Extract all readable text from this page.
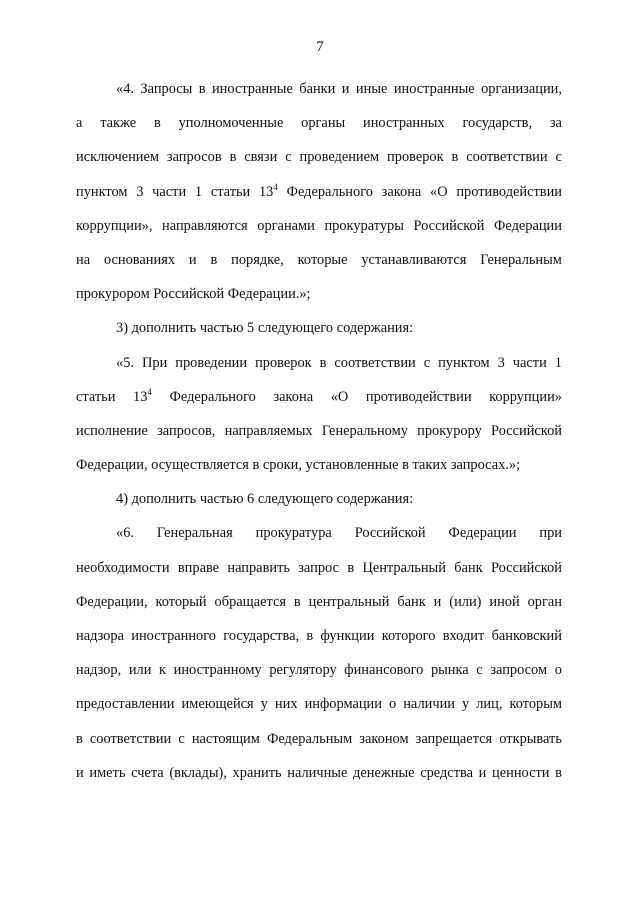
7
«4. Запросы в иностранные банки и иные иностранные организации,
а также в уполномоченные органы иностранных государств, за
исключением запросов в связи с проведением проверок в соответствии с
пунктом 3 части 1 статьи $13^4$ Федерального закона «О противодействии
коррупции», направляются органами прокуратуры Российской Федерации
на основаниях и в порядке, которые устанавливаются Генеральным
прокурором Российской Федерации.»;
3) дополнить частью 5 следующего содержания:
«5. При проведении проверок в соответствии с пунктом 3 части 1
статьи $13^4$ Федерального закона «О противодействии коррупции»
исполнение запросов, направляемых Генеральному прокурору Российской
Федерации, осуществляется в сроки, установленные в таких запросах.»;
4) дополнить частью 6 следующего содержания:
«6. Генеральная прокуратура Российской Федерации при
необходимости вправе направить запрос в Центральный банк Российской
Федерации, который обращается в центральный банк и (или) иной орган
надзора иностранного государства, в функции которого входит банковский
надзор, или к иностранному регулятору финансового рынка с запросом о
предоставлении имеющейся у них информации о наличии у лиц, которым
в соответствии с настоящим Федеральным законом запрещается открывать
и иметь счета (вклады), хранить наличные денежные средства и ценности в
